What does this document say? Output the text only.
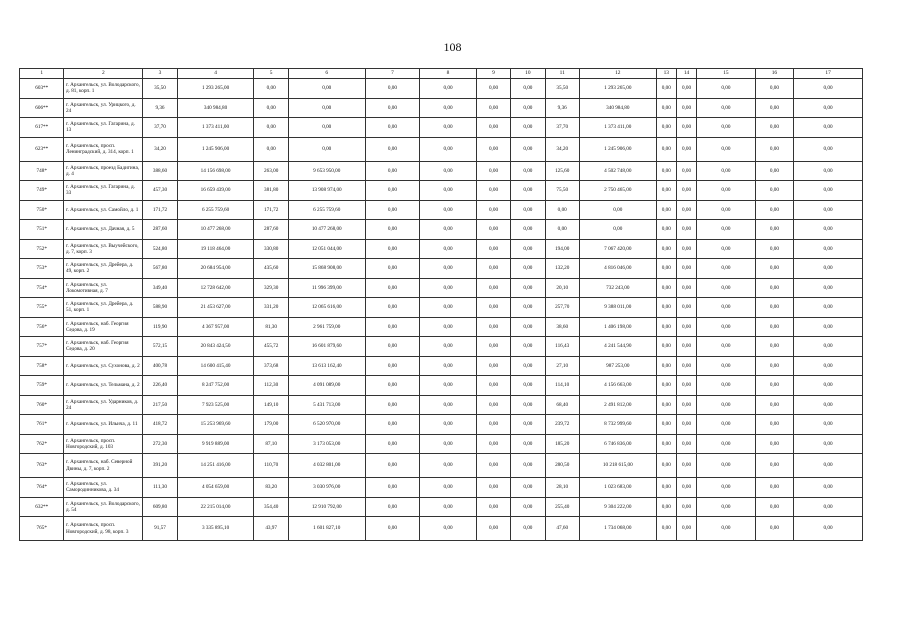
108
1	2	3	4	5	6	7	8	9	10	11	12	13	14	15	16	17
603**	г. Архангельск, ул. Володарского, д. 81, корп. 1	35,50	1 293 265,00	0,00	0,00	0,00	0,00	0,00	0,00	35,50	1 293 265,00	0,00	0,00	0,00	0,00	0,00
606**	г. Архангельск, ул. Урицкого, д. 24	9,36	340 984,80	0,00	0,00	0,00	0,00	0,00	0,00	9,36	340 984,80	0,00	0,00	0,00	0,00	0,00
617**	г. Архангельск, ул. Гагарина, д. 13	37,70	1 373 411,00	0,00	0,00	0,00	0,00	0,00	0,00	37,70	1 373 411,00	0,00	0,00	0,00	0,00	0,00
623**	г. Архангельск, просп. Ленинградский, д. 314, корп. 1	34,20	1 245 906,00	0,00	0,00	0,00	0,00	0,00	0,00	34,20	1 245 906,00	0,00	0,00	0,00	0,00	0,00
748*	г. Архангельск, проезд Бадигина, д. 4	388,60	14 156 698,00	263,00	9 653 950,00	0,00	0,00	0,00	0,00	125,60	4 502 748,00	0,00	0,00	0,00	0,00	0,00
749*	г. Архангельск, ул. Гагарина, д. 33	457,30	16 659 439,00	381,80	13 908 974,00	0,00	0,00	0,00	0,00	75,50	2 750 465,00	0,00	0,00	0,00	0,00	0,00
750*	г. Архангельск, ул. Самойло, д. 1	171,72	6 255 759,60	171,72	6 255 759,60	0,00	0,00	0,00	0,00	0,00	0,00	0,00	0,00	0,00	0,00	0,00
751*	г. Архангельск, ул. Дачная, д. 5	287,60	10 477 268,00	287,60	10 477 268,00	0,00	0,00	0,00	0,00	0,00	0,00	0,00	0,00	0,00	0,00	0,00
752*	г. Архангельск, ул. Выучейского, д. 7, корп. 3	524,80	19 118 464,00	330,80	12 051 044,00	0,00	0,00	0,00	0,00	194,00	7 067 420,00	0,00	0,00	0,00	0,00	0,00
753*	г. Архангельск, ул. Дрейера, д. 49, корп. 2	567,80	20 684 954,00	435,60	15 868 908,00	0,00	0,00	0,00	0,00	132,20	4 816 046,00	0,00	0,00	0,00	0,00	0,00
754*	г. Архангельск, ул. Локомотивная, д. 7	349,40	12 728 642,00	329,30	11 996 399,00	0,00	0,00	0,00	0,00	20,10	732 243,00	0,00	0,00	0,00	0,00	0,00
755*	г. Архангельск, ул. Дрейера, д. 51, корп. 1	588,90	21 453 627,00	331,20	12 065 616,00	0,00	0,00	0,00	0,00	257,70	9 388 011,00	0,00	0,00	0,00	0,00	0,00
756*	г. Архангельск, наб. Георгия Седова, д. 19	119,90	4 367 957,00	81,30	2 961 759,00	0,00	0,00	0,00	0,00	38,60	1 406 198,00	0,00	0,00	0,00	0,00	0,00
757*	г. Архангельск, наб. Георгия Седова, д. 20	572,15	20 843 424,50	455,72	16 601 879,60	0,00	0,00	0,00	0,00	116,43	4 241 544,90	0,00	0,00	0,00	0,00	0,00
758*	г. Архангельск, ул. Сухонова, д. 2	400,78	14 600 415,40	373,68	13 613 162,40	0,00	0,00	0,00	0,00	27,10	987 253,00	0,00	0,00	0,00	0,00	0,00
759*	г. Архангельск, ул. Тельмана, д. 2	226,40	8 247 752,00	112,30	4 091 089,00	0,00	0,00	0,00	0,00	114,10	4 156 663,00	0,00	0,00	0,00	0,00	0,00
760*	г. Архангельск, ул. Ударников, д. 24	217,50	7 923 525,00	149,10	5 431 713,00	0,00	0,00	0,00	0,00	68,40	2 491 812,00	0,00	0,00	0,00	0,00	0,00
761*	г. Архангельск, ул. Ильича, д. 11	418,72	15 253 969,60	179,00	6 520 970,00	0,00	0,00	0,00	0,00	239,72	8 732 999,60	0,00	0,00	0,00	0,00	0,00
762*	г. Архангельск, просп. Новгородский, д. 103	272,30	9 919 889,00	87,10	3 173 053,00	0,00	0,00	0,00	0,00	185,20	6 746 836,00	0,00	0,00	0,00	0,00	0,00
763*	г. Архангельск, наб. Северной Двины, д. 7, корп. 2	391,20	14 251 416,00	110,70	4 032 801,00	0,00	0,00	0,00	0,00	280,50	10 218 615,00	0,00	0,00	0,00	0,00	0,00
764*	г. Архангельск, ул. Самородинникова, д. 34	111,30	4 054 659,00	83,20	3 030 976,00	0,00	0,00	0,00	0,00	28,10	1 023 683,00	0,00	0,00	0,00	0,00	0,00
632**	г. Архангельск, ул. Володарского, д. 54	609,80	22 215 014,00	354,40	12 910 792,00	0,00	0,00	0,00	0,00	255,40	9 304 222,00	0,00	0,00	0,00	0,00	0,00
765*	г. Архангельск, просп. Новгородский, д. 98, корп. 3	91,57	3 335 895,10	43,97	1 601 827,10	0,00	0,00	0,00	0,00	47,60	1 734 068,00	0,00	0,00	0,00	0,00	0,00
